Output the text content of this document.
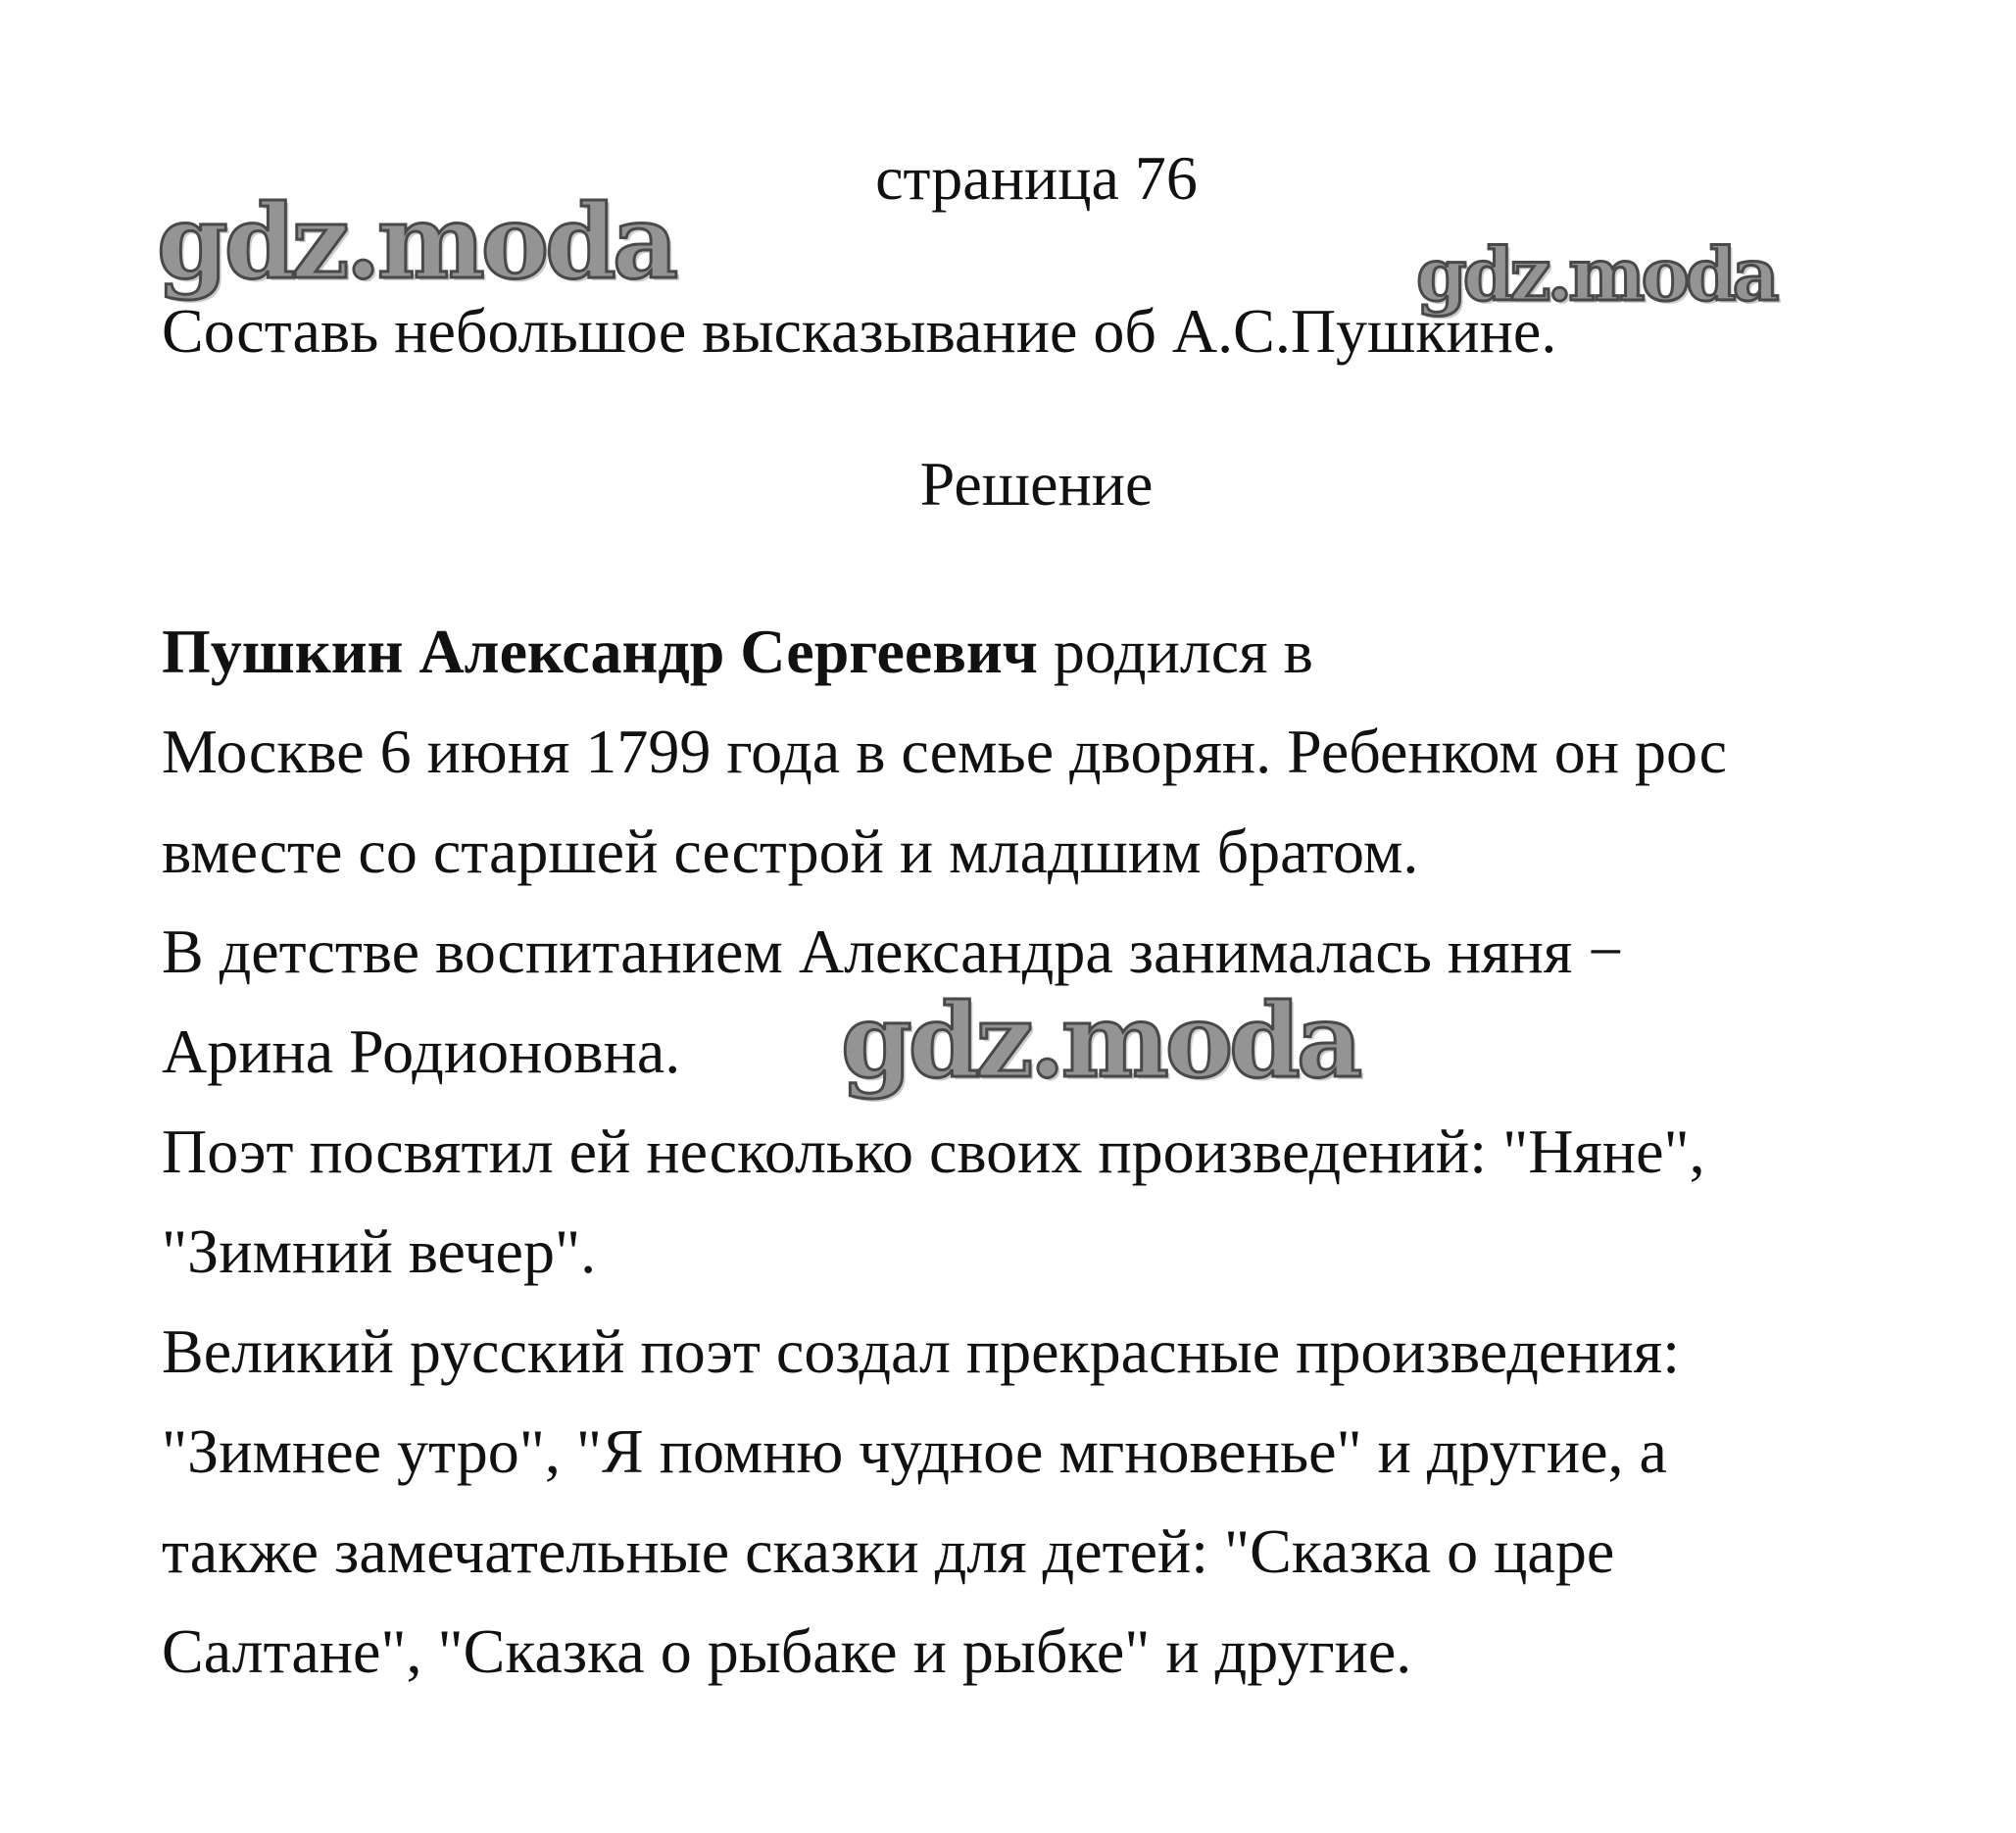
страница 76
Составь небольшое высказывание об А.С.Пушкине.
Решение
Пушкин Александр Сергеевич родился в
Москве 6 июня 1799 года в семье дворян. Ребенком он рос
вместе со старшей сестрой и младшим братом.
В детстве воспитанием Александра занималась няня −
Арина Родионовна.
Поэт посвятил ей несколько своих произведений: "Няне",
"Зимний вечер".
Великий русский поэт создал прекрасные произведения:
"Зимнее утро", "Я помню чудное мгновенье" и другие, а
также замечательные сказки для детей: "Сказка о царе
Салтане", "Сказка о рыбаке и рыбке" и другие.
gdz.moda	gdz.moda
gdz.moda
